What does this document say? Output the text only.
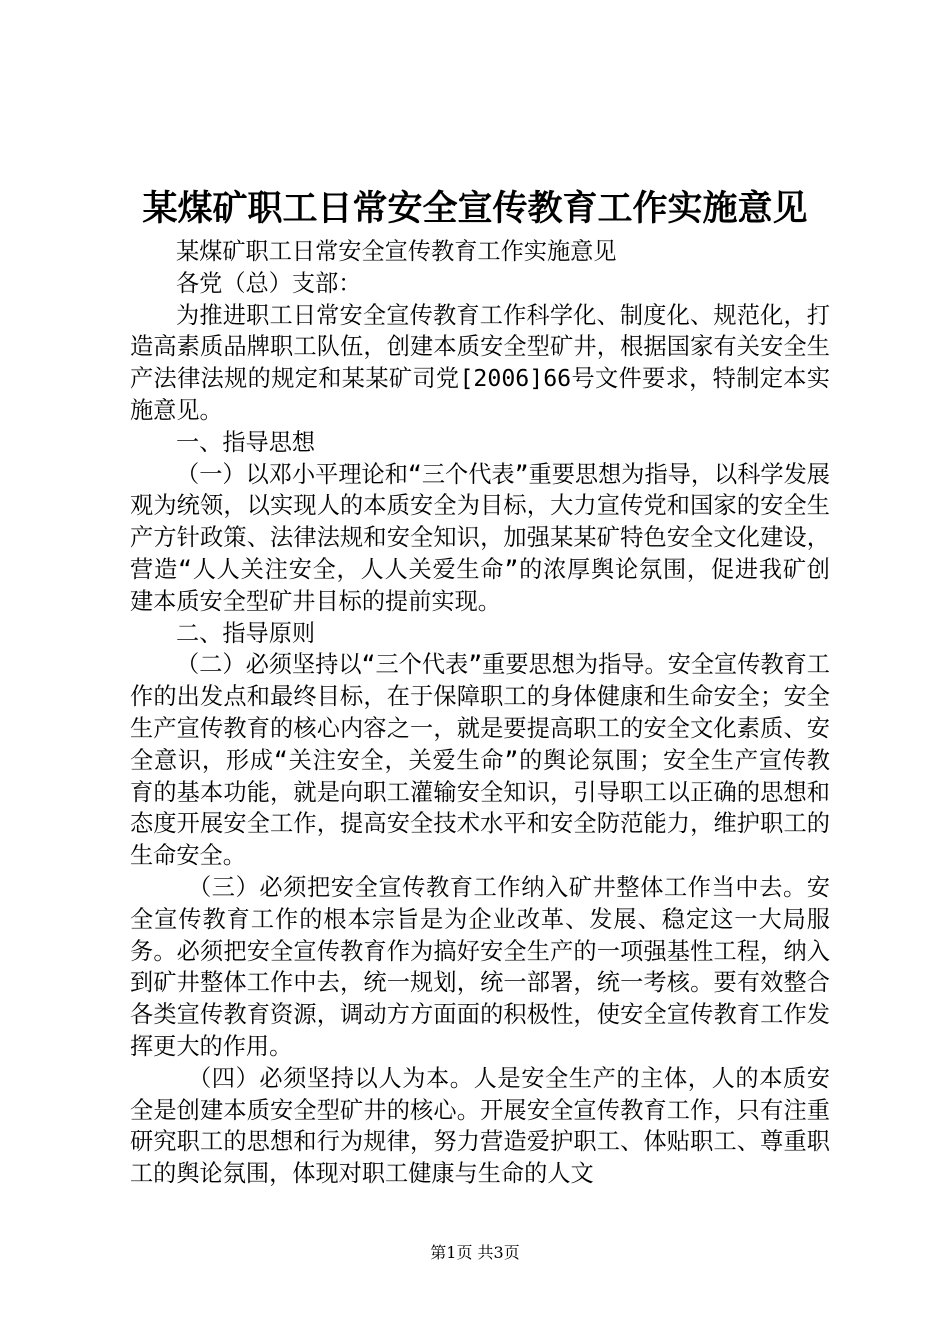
某煤矿职工日常安全宣传教育工作实施意见

某煤矿职工日常安全宣传教育工作实施意见

各党（总）支部：

为推进职工日常安全宣传教育工作科学化、制度化、规范化，打造高素质品牌职工队伍，创建本质安全型矿井，根据国家有关安全生产法律法规的规定和某某矿司党[2006]66号文件要求，特制定本实施意见。

一、指导思想

（一）以邓小平理论和“三个代表”重要思想为指导，以科学发展观为统领，以实现人的本质安全为目标，大力宣传党和国家的安全生产方针政策、法律法规和安全知识，加强某某矿特色安全文化建设，营造“人人关注安全，人人关爱生命”的浓厚舆论氛围，促进我矿创建本质安全型矿井目标的提前实现。

二、指导原则

（二）必须坚持以“三个代表”重要思想为指导。安全宣传教育工作的出发点和最终目标，在于保障职工的身体健康和生命安全；安全生产宣传教育的核心内容之一，就是要提高职工的安全文化素质、安全意识，形成“关注安全，关爱生命”的舆论氛围；安全生产宣传教育的基本功能，就是向职工灌输安全知识，引导职工以正确的思想和态度开展安全工作，提高安全技术水平和安全防范能力，维护职工的生命安全。

（三）必须把安全宣传教育工作纳入矿井整体工作当中去。安全宣传教育工作的根本宗旨是为企业改革、发展、稳定这一大局服务。必须把安全宣传教育作为搞好安全生产的一项强基性工程，纳入到矿井整体工作中去，统一规划，统一部署，统一考核。要有效整合各类宣传教育资源，调动方方面面的积极性，使安全宣传教育工作发挥更大的作用。

（四）必须坚持以人为本。人是安全生产的主体，人的本质安全是创建本质安全型矿井的核心。开展安全宣传教育工作，只有注重研究职工的思想和行为规律，努力营造爱护职工、体贴职工、尊重职工的舆论氛围，体现对职工健康与生命的人文

第1页 共3页
